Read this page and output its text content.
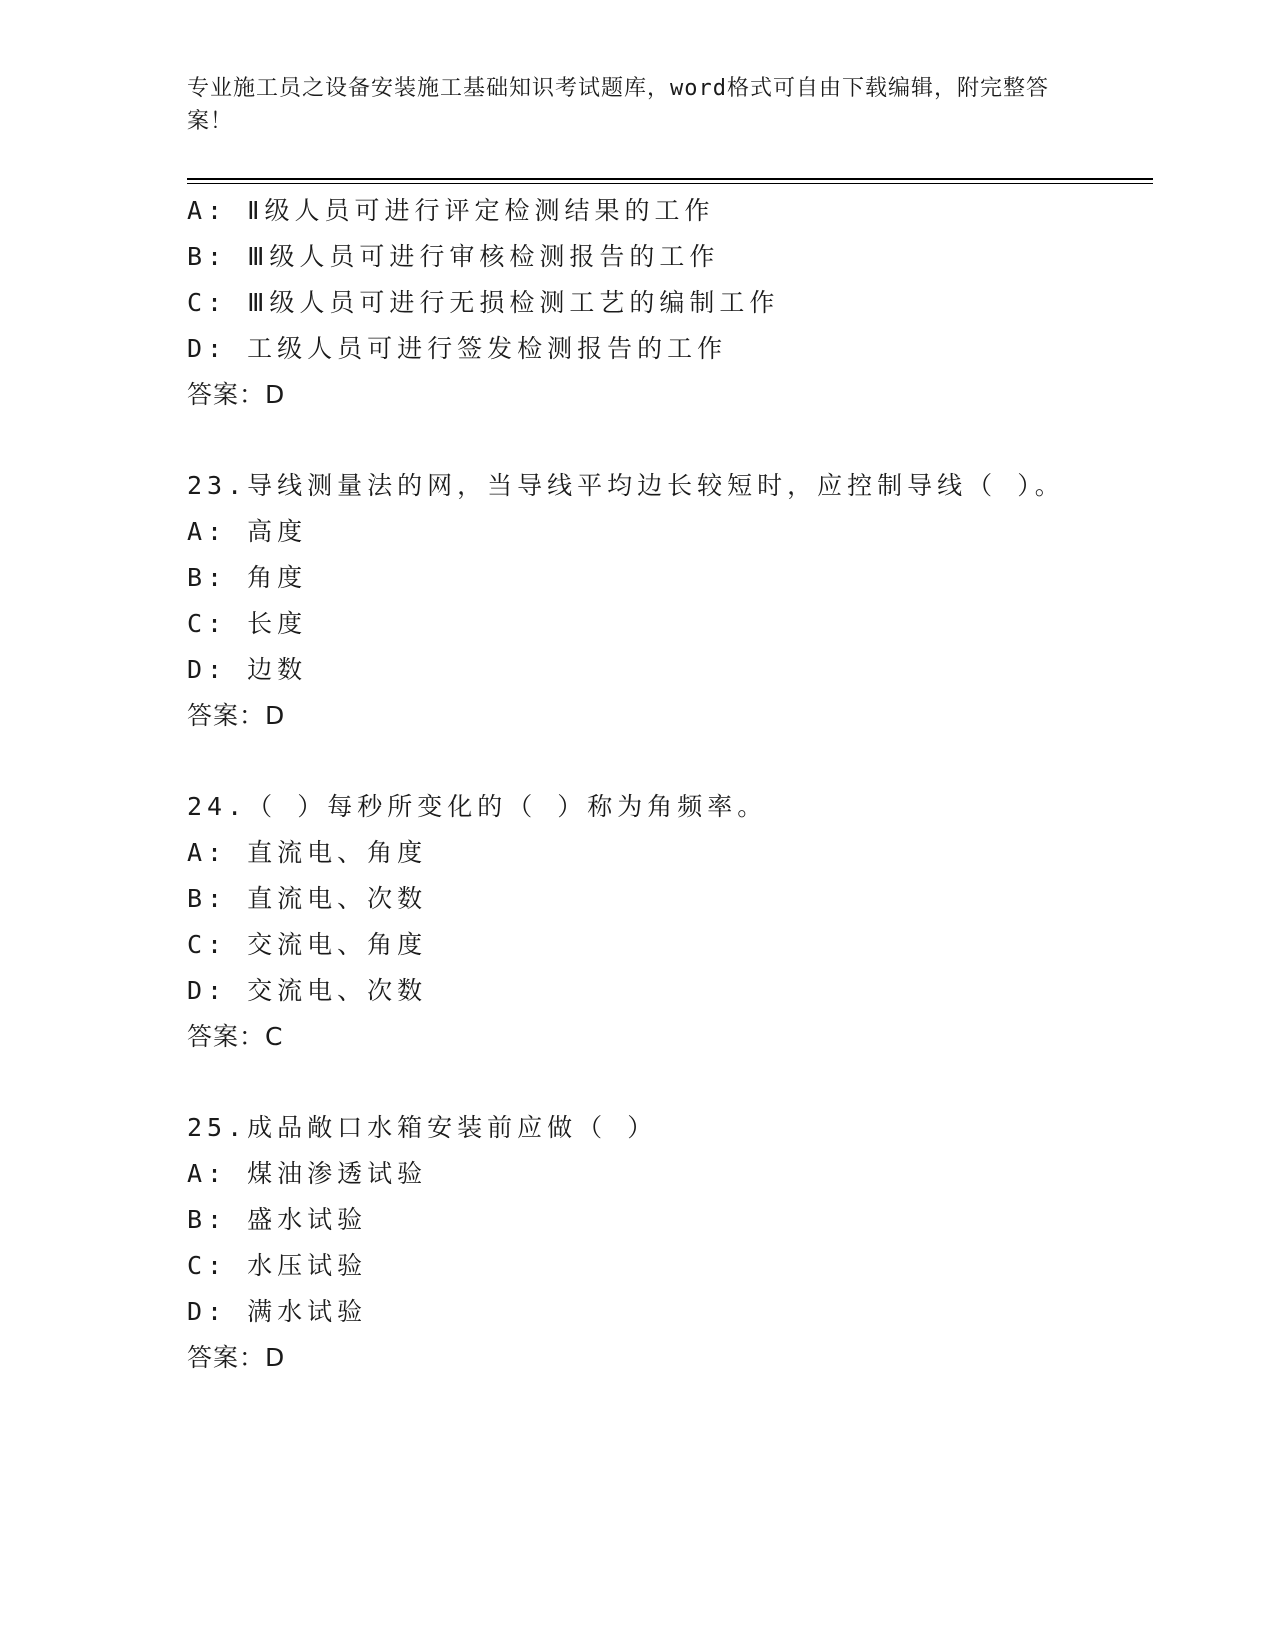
专业施工员之设备安装施工基础知识考试题库，word格式可自由下载编辑，附完整答案！
A: Ⅱ级人员可进行评定检测结果的工作
B: Ⅲ级人员可进行审核检测报告的工作
C: Ⅲ级人员可进行无损检测工艺的编制工作
D: 工级人员可进行签发检测报告的工作
答案：D
23.导线测量法的网，当导线平均边长较短时，应控制导线（ ）。
A: 高度
B: 角度
C: 长度
D: 边数
答案：D
24.（ ）每秒所变化的（ ）称为角频率。
A: 直流电、角度
B: 直流电、次数
C: 交流电、角度
D: 交流电、次数
答案：C
25.成品敞口水箱安装前应做（ ）
A: 煤油渗透试验
B: 盛水试验
C: 水压试验
D: 满水试验
答案：D
